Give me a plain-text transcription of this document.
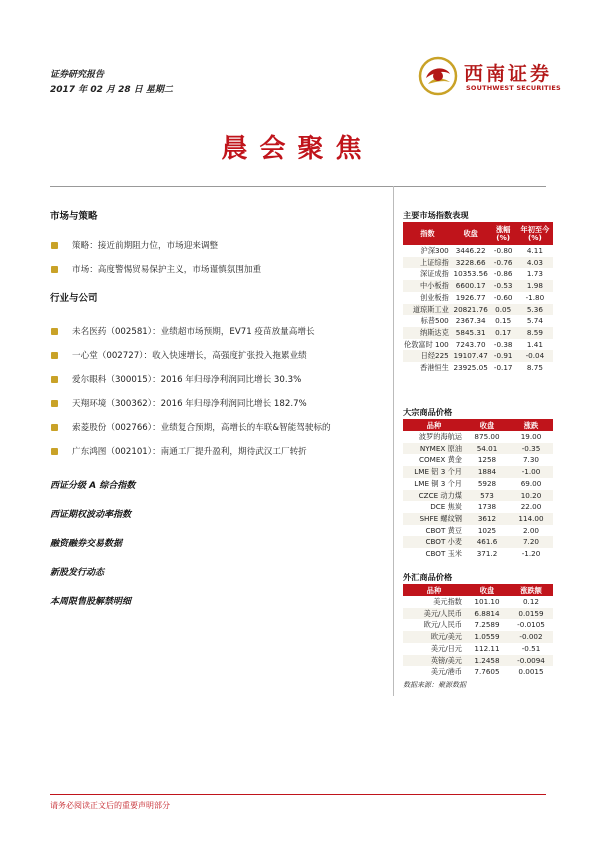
证券研究报告
2017 年 02 月 28 日 星期二
西南证券
SOUTHWEST SECURITIES
晨会聚焦
市场与策略
策略：接近前期阻力位，市场迎来调整
市场：高度警惕贸易保护主义，市场谨慎氛围加重
行业与公司
未名医药（002581）：业绩超市场预期，EV71 疫苗放量高增长
一心堂（002727）：收入快速增长，高强度扩张投入拖累业绩
爱尔眼科（300015）：2016 年归母净利润同比增长 30.3%
天翔环境（300362）：2016 年归母净利润同比增长 182.7%
索菱股份（002766）：业绩复合预期，高增长的车联&智能驾驶标的
广东鸿图（002101）：南通工厂提升盈利，期待武汉工厂转折
西证分级 A 综合指数
西证期权波动率指数
融资融券交易数据
新股发行动态
本周限售股解禁明细
主要市场指数表现
指数	收盘	涨幅(%)	年初至今(%)
沪深300	3446.22	-0.80	4.11
上证综指	3228.66	-0.76	4.03
深证成指	10353.56	-0.86	1.73
中小板指	6600.17	-0.53	1.98
创业板指	1926.77	-0.60	-1.80
道琼斯工业	20821.76	0.05	5.36
标普500	2367.34	0.15	5.74
纳斯达克	5845.31	0.17	8.59
伦敦富时 100	7243.70	-0.38	1.41
日经225	19107.47	-0.91	-0.04
香港恒生	23925.05	-0.17	8.75
大宗商品价格
品种	收盘	涨跌
波罗的海航运	875.00	19.00
NYMEX 原油	54.01	-0.35
COMEX 黄金	1258	7.30
LME 铝 3 个月	1884	-1.00
LME 铜 3 个月	5928	69.00
CZCE 动力煤	573	10.20
DCE 焦炭	1738	22.00
SHFE 螺纹钢	3612	114.00
CBOT 黄豆	1025	2.00
CBOT 小麦	461.6	7.20
CBOT 玉米	371.2	-1.20
外汇商品价格
品种	收盘	涨跌额
美元指数	101.10	0.12
美元/人民币	6.8814	0.0159
欧元/人民币	7.2589	-0.0105
欧元/美元	1.0559	-0.002
美元/日元	112.11	-0.51
英镑/美元	1.2458	-0.0094
美元/港币	7.7605	0.0015
数据来源：聚源数据
请务必阅读正文后的重要声明部分
